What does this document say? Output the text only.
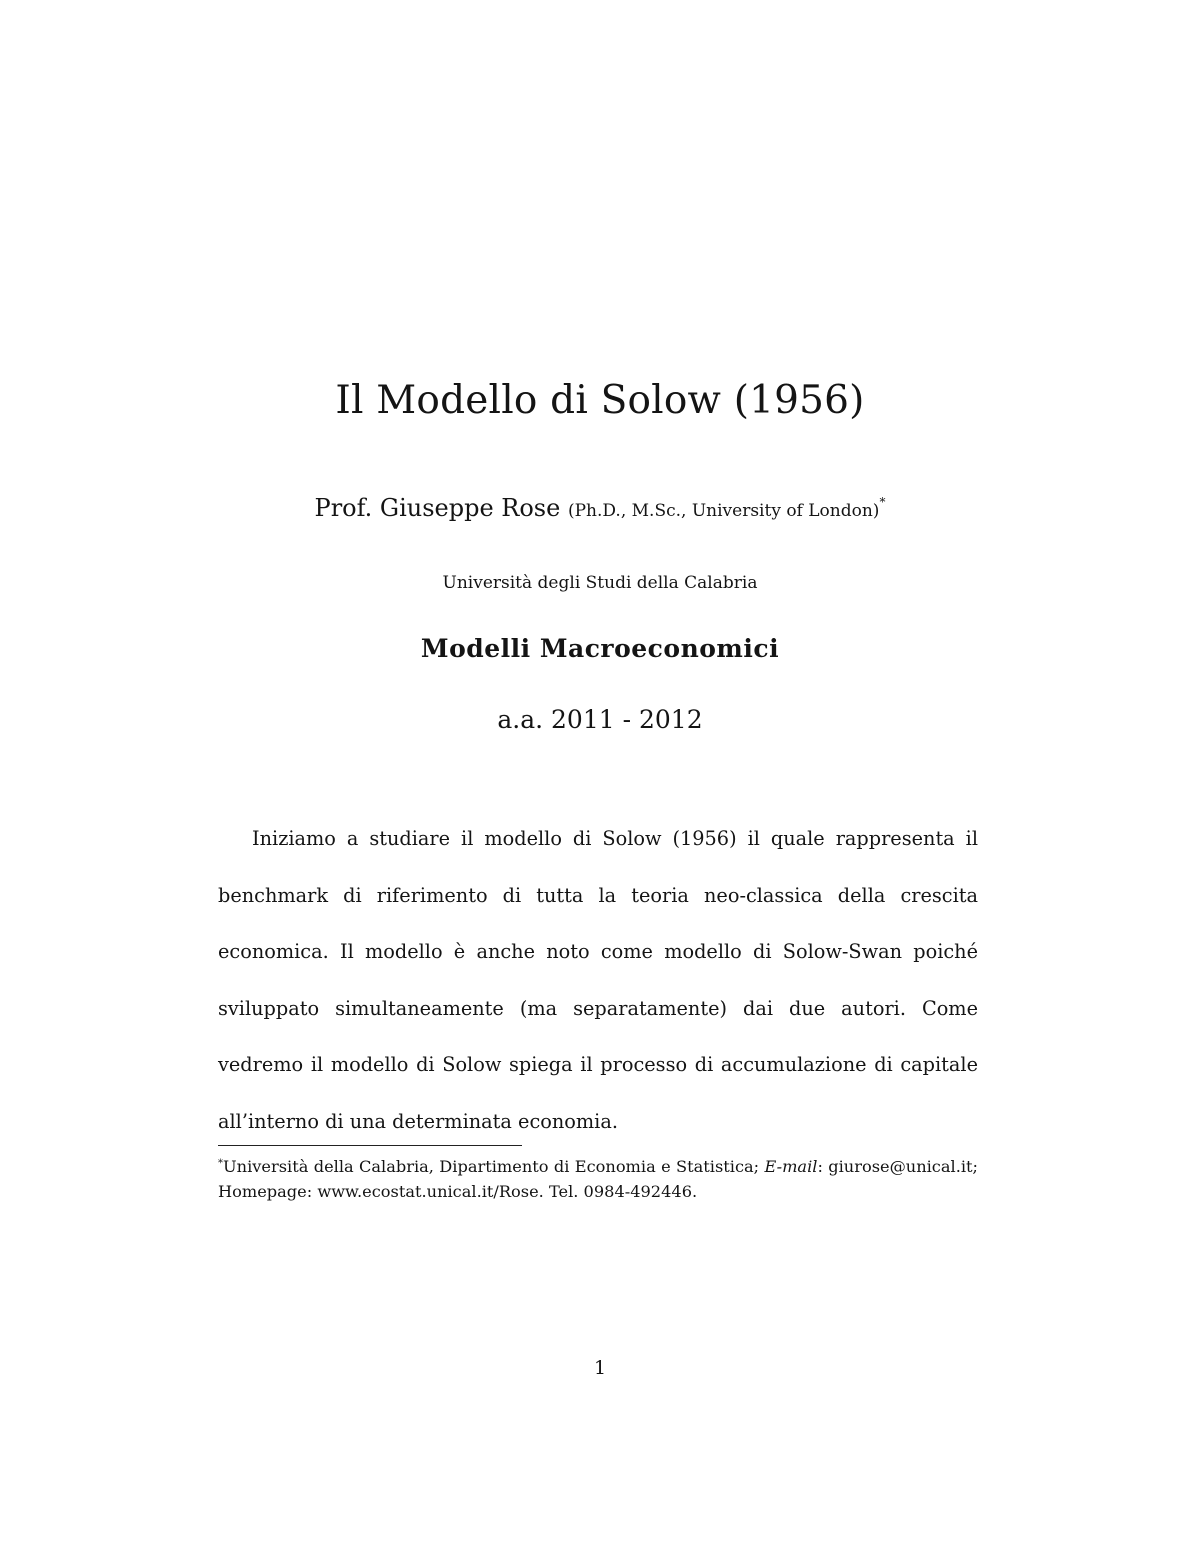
Il Modello di Solow (1956)
Prof. Giuseppe Rose (Ph.D., M.Sc., University of London)*
Università degli Studi della Calabria
Modelli Macroeconomici
a.a. 2011 - 2012

Iniziamo a studiare il modello di Solow (1956) il quale rappresenta il benchmark di riferimento di tutta la teoria neo-classica della crescita economica. Il modello è anche noto come modello di Solow-Swan poiché sviluppato simultaneamente (ma separatamente) dai due autori. Come vedremo il modello di Solow spiega il processo di accumulazione di capitale all’interno di una determinata economia.

*Università della Calabria, Dipartimento di Economia e Statistica; E-mail: giurose@unical.it; Homepage: www.ecostat.unical.it/Rose. Tel. 0984-492446.

1
